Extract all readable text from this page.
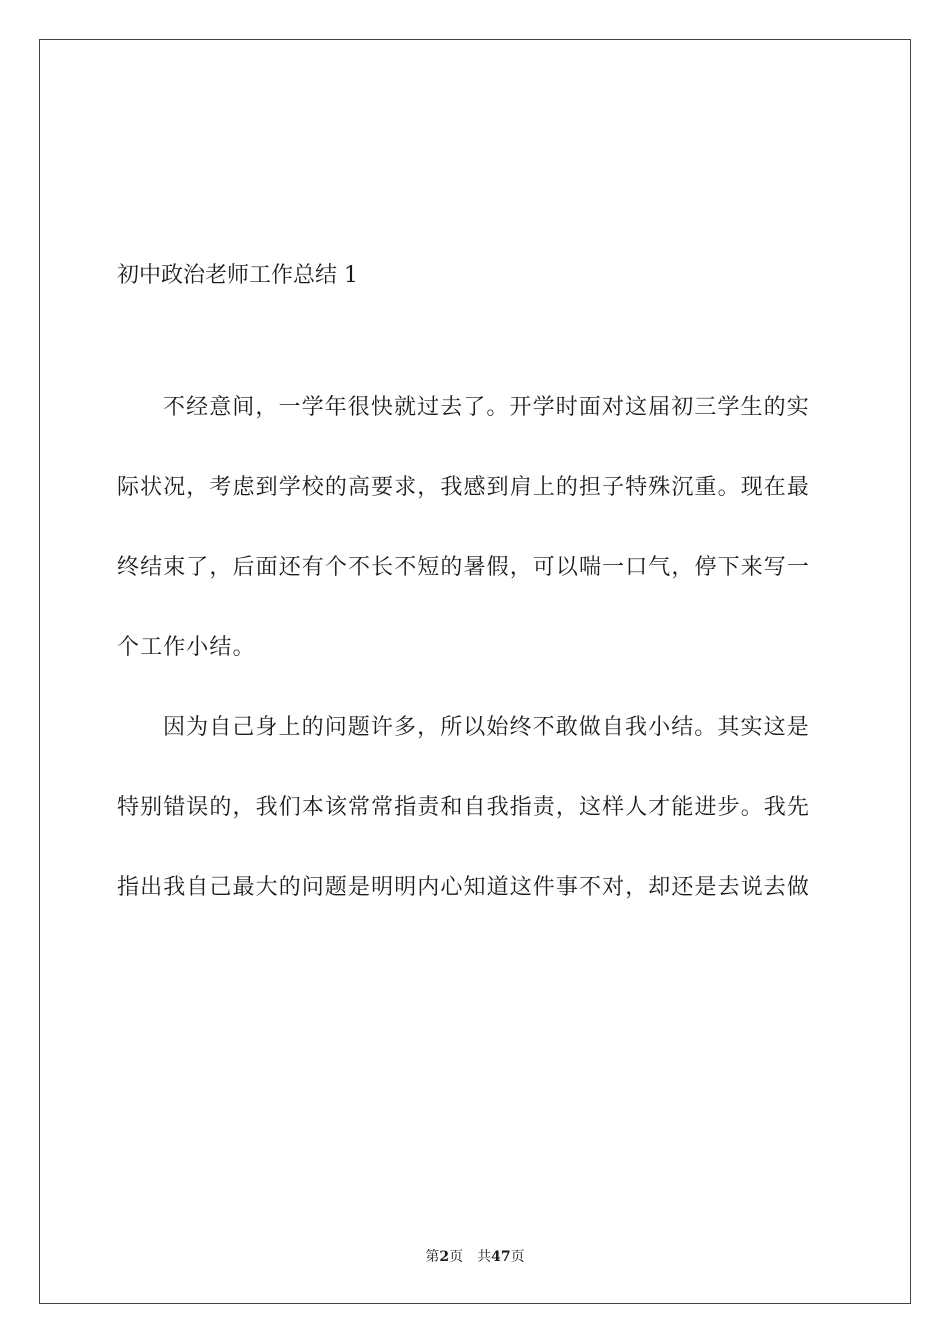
初中政治老师工作总结 1
不经意间，一学年很快就过去了。开学时面对这届初三学生的实
际状况，考虑到学校的高要求，我感到肩上的担子特殊沉重。现在最
终结束了，后面还有个不长不短的暑假，可以喘一口气，停下来写一
个工作小结。
因为自己身上的问题许多，所以始终不敢做自我小结。其实这是
特别错误的，我们本该常常指责和自我指责，这样人才能进步。我先
指出我自己最大的问题是明明内心知道这件事不对，却还是去说去做
第2页 共47页
